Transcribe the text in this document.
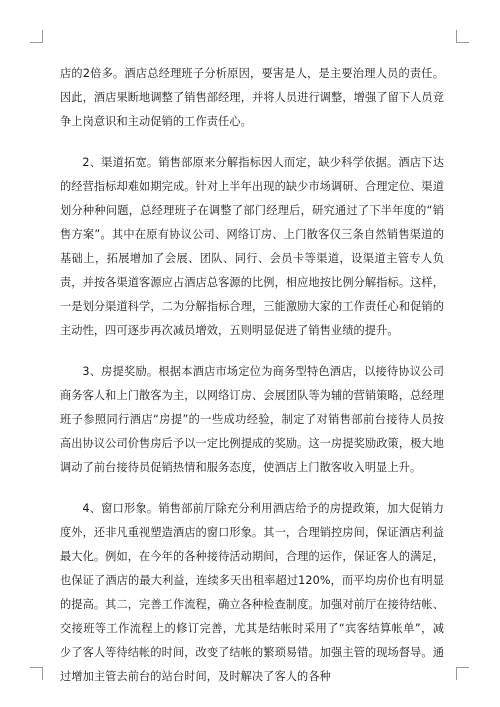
店的2倍多。酒店总经理班子分析原因，要害是人，是主要治理人员的责任。因此，酒店果断地调整了销售部经理，并将人员进行调整，增强了留下人员竞争上岗意识和主动促销的工作责任心。

2、渠道拓宽。销售部原来分解指标因人而定，缺少科学依据。酒店下达的经营指标却难如期完成。针对上半年出现的缺少市场调研、合理定位、渠道划分种种问题，总经理班子在调整了部门经理后，研究通过了下半年度的“销售方案”。其中在原有协议公司、网络订房、上门散客仅三条自然销售渠道的基础上，拓展增加了会展、团队、同行、会员卡等渠道，设渠道主管专人负责，并按各渠道客源应占酒店总客源的比例，相应地按比例分解指标。这样，一是划分渠道科学，二为分解指标合理，三能激励大家的工作责任心和促销的主动性，四可逐步再次减员增效，五则明显促进了销售业绩的提升。

3、房提奖励。根据本酒店市场定位为商务型特色酒店，以接待协议公司商务客人和上门散客为主，以网络订房、会展团队等为辅的营销策略，总经理班子参照同行酒店“房提”的一些成功经验，制定了对销售部前台接待人员按高出协议公司价售房后予以一定比例提成的奖励。这一房提奖励政策，极大地调动了前台接待员促销热情和服务态度，使酒店上门散客收入明显上升。

4、窗口形象。销售部前厅除充分利用酒店给予的房提政策，加大促销力度外，还非凡重视塑造酒店的窗口形象。其一，合理销控房间，保证酒店利益最大化。例如，在今年的各种接待活动期间，合理的运作，保证客人的满足，也保证了酒店的最大利益，连续多天出租率超过120%，而平均房价也有明显的提高。其二，完善工作流程，确立各种检查制度。加强对前厅在接待结帐、交接班等工作流程上的修订完善，尤其是结帐时采用了“宾客结算帐单”，减少了客人等待结帐的时间，改变了结帐的繁琐易错。加强主管的现场督导。通过增加主管去前台的站台时间，及时解决了客人的各种
